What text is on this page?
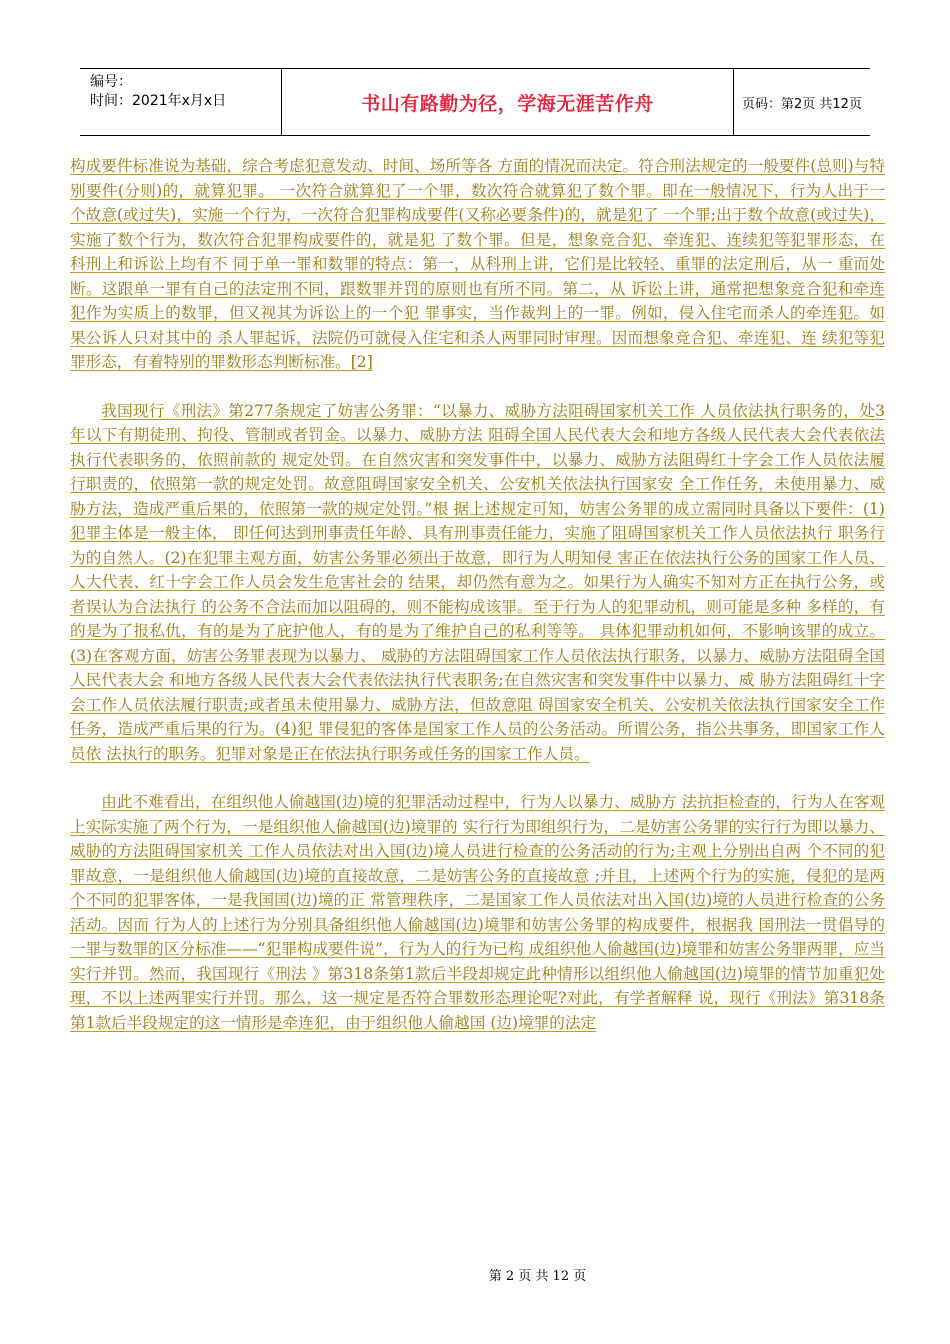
编号：
时间：2021年x月x日	书山有路勤为径，学海无涯苦作舟	页码：第2页 共12页

构成要件标准说为基础，综合考虑犯意发动、时间、场所等各 方面的情况而决定。符合刑法规定的一般要件(总则)与特别要件(分则)的，就算犯罪。 一次符合就算犯了一个罪，数次符合就算犯了数个罪。即在一般情况下，行为人出于一 个故意(或过失)，实施一个行为，一次符合犯罪构成要件(又称必要条件)的，就是犯了 一个罪;出于数个故意(或过失)，实施了数个行为，数次符合犯罪构成要件的，就是犯 了数个罪。但是，想象竞合犯、牵连犯、连续犯等犯罪形态，在科刑上和诉讼上均有不 同于单一罪和数罪的特点：第一，从科刑上讲，它们是比较轻、重罪的法定刑后，从一 重而处断。这跟单一罪有自己的法定刑不同，跟数罪并罚的原则也有所不同。第二，从 诉讼上讲，通常把想象竞合犯和牵连犯作为实质上的数罪，但又视其为诉讼上的一个犯 罪事实，当作裁判上的一罪。例如，侵入住宅而杀人的牵连犯。如果公诉人只对其中的 杀人罪起诉，法院仍可就侵入住宅和杀人两罪同时审理。因而想象竞合犯、牵连犯、连 续犯等犯罪形态，有着特别的罪数形态判断标准。[2]

我国现行《刑法》第277条规定了妨害公务罪：“以暴力、威胁方法阻碍国家机关工作 人员依法执行职务的，处3年以下有期徒刑、拘役、管制或者罚金。以暴力、威胁方法 阻碍全国人民代表大会和地方各级人民代表大会代表依法执行代表职务的，依照前款的 规定处罚。在自然灾害和突发事件中，以暴力、威胁方法阻碍红十字会工作人员依法履 行职责的，依照第一款的规定处罚。故意阻碍国家安全机关、公安机关依法执行国家安 全工作任务，未使用暴力、威胁方法，造成严重后果的，依照第一款的规定处罚。”根 据上述规定可知，妨害公务罪的成立需同时具备以下要件：(1)犯罪主体是一般主体， 即任何达到刑事责任年龄、具有刑事责任能力，实施了阻碍国家机关工作人员依法执行 职务行为的自然人。(2)在犯罪主观方面，妨害公务罪必须出于故意，即行为人明知侵 害正在依法执行公务的国家工作人员、人大代表、红十字会工作人员会发生危害社会的 结果，却仍然有意为之。如果行为人确实不知对方正在执行公务，或者误认为合法执行 的公务不合法而加以阻碍的，则不能构成该罪。至于行为人的犯罪动机，则可能是多种 多样的，有的是为了报私仇，有的是为了庇护他人，有的是为了维护自己的私利等等。 具体犯罪动机如何，不影响该罪的成立。(3)在客观方面，妨害公务罪表现为以暴力、 威胁的方法阻碍国家工作人员依法执行职务，以暴力、威胁方法阻碍全国人民代表大会 和地方各级人民代表大会代表依法执行代表职务;在自然灾害和突发事件中以暴力、威 胁方法阻碍红十字会工作人员依法履行职责;或者虽未使用暴力、威胁方法，但故意阻 碍国家安全机关、公安机关依法执行国家安全工作任务，造成严重后果的行为。(4)犯 罪侵犯的客体是国家工作人员的公务活动。所谓公务，指公共事务，即国家工作人员依 法执行的职务。犯罪对象是正在依法执行职务或任务的国家工作人员。

由此不难看出，在组织他人偷越国(边)境的犯罪活动过程中，行为人以暴力、威胁方 法抗拒检查的，行为人在客观上实际实施了两个行为，一是组织他人偷越国(边)境罪的 实行行为即组织行为，二是妨害公务罪的实行行为即以暴力、威胁的方法阻碍国家机关 工作人员依法对出入国(边)境人员进行检查的公务活动的行为;主观上分别出自两 个不同的犯罪故意，一是组织他人偷越国(边)境的直接故意，二是妨害公务的直接故意 ;并且，上述两个行为的实施，侵犯的是两个不同的犯罪客体，一是我国国(边)境的正 常管理秩序，二是国家工作人员依法对出入国(边)境的人员进行检查的公务活动。因而 行为人的上述行为分别具备组织他人偷越国(边)境罪和妨害公务罪的构成要件，根据我 国刑法一贯倡导的一罪与数罪的区分标准——“犯罪构成要件说”，行为人的行为已构 成组织他人偷越国(边)境罪和妨害公务罪两罪，应当实行并罚。然而，我国现行《刑法 》第318条第1款后半段却规定此种情形以组织他人偷越国(边)境罪的情节加重犯处理，不以上述两罪实行并罚。那么，这一规定是否符合罪数形态理论呢?对此，有学者解释 说，现行《刑法》第318条第1款后半段规定的这一情形是牵连犯，由于组织他人偷越国 (边)境罪的法定

第 2 页 共 12 页
